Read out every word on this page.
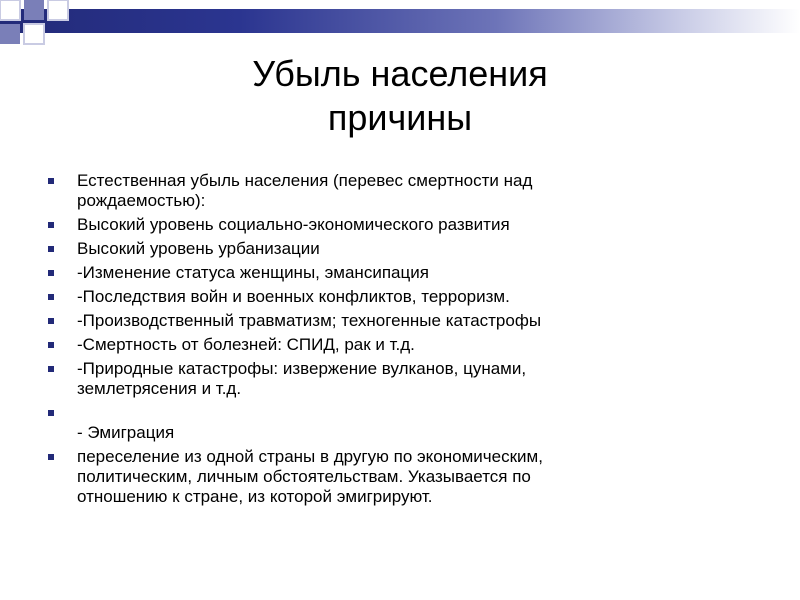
Убыль населения
причины
Естественная убыль населения (перевес смертности над
рождаемостью):
Высокий уровень социально-экономического развития
Высокий уровень урбанизации
-Изменение статуса женщины, эмансипация
-Последствия войн и военных конфликтов, терроризм.
-Производственный травматизм; техногенные катастрофы
-Смертность от болезней: СПИД, рак и т.д.
-Природные катастрофы: извержение вулканов, цунами,
землетрясения и т.д.
- Эмиграция
переселение из одной страны в другую по экономическим,
политическим, личным обстоятельствам. Указывается по
отношению к стране, из которой эмигрируют.
